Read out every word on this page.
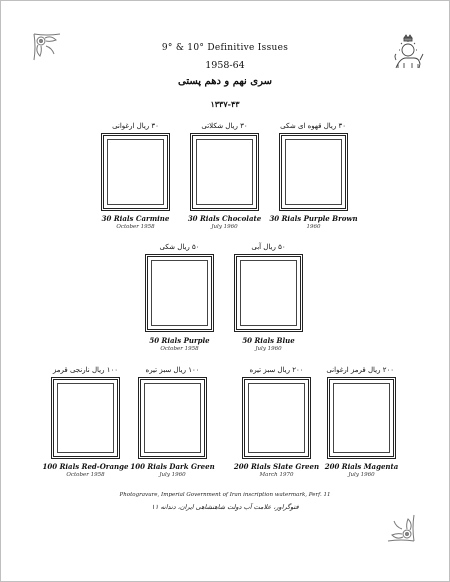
9° & 10° Definitive Issues
1958-64
سری نهم و دهم پستی
۱۳۳۷-۴۳
۳۰ ریال ارغوانی
30 Rials Carmine
October 1958
۳۰ ریال شکلاتی
30 Rials Chocolate
July 1960
۳۰ ریال قهوه ای شکی
30 Rials Purple Brown
1960
۵۰ ریال شکی
50 Rials Purple
October 1958
۵۰ ریال آبی
50 Rials Blue
July 1960
۱۰۰ ریال نارنجی قرمز
100 Rials Red-Orange
October 1958
۱۰۰ ریال سبز تیره
100 Rials Dark Green
July 1960
۲۰۰ ریال سبز تیره
200 Rials Slate Green
March 1970
۲۰۰ ریال قرمز ارغوانی
200 Rials Magenta
July 1960
Photogravure, Imperial Government of Iran inscription watermark, Perf. 11
فتوگراور، علامت آب دولت شاهنشاهی ایران، دندانه ۱۱
